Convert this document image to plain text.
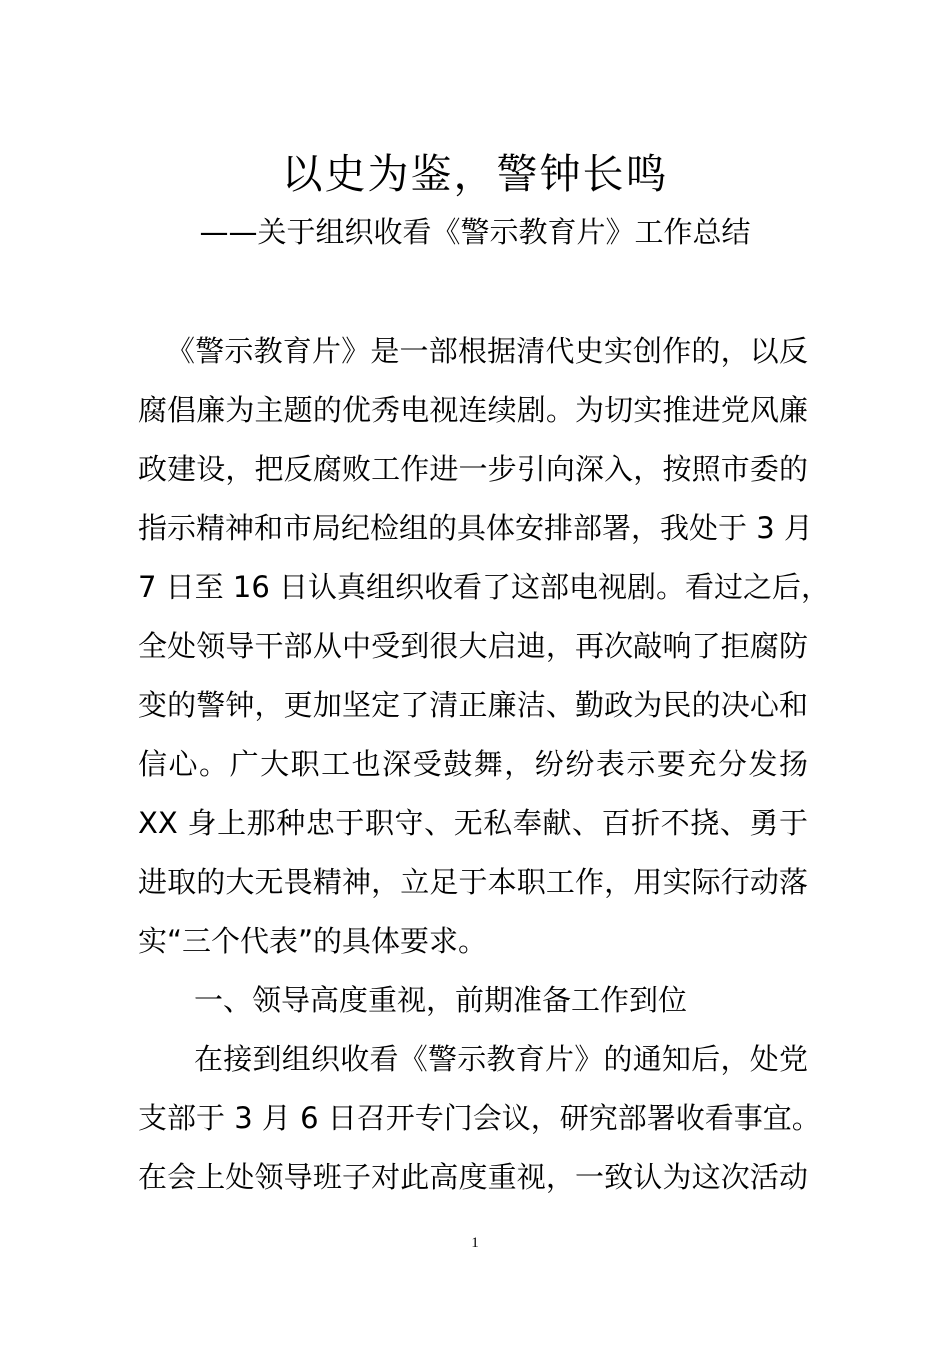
以史为鉴，警钟长鸣
——关于组织收看《警示教育片》工作总结
《警示教育片》是一部根据清代史实创作的，以反
腐倡廉为主题的优秀电视连续剧。为切实推进党风廉
政建设，把反腐败工作进一步引向深入，按照市委的
指示精神和市局纪检组的具体安排部署，我处于 3 月
7 日至 16 日认真组织收看了这部电视剧。看过之后，
全处领导干部从中受到很大启迪，再次敲响了拒腐防
变的警钟，更加坚定了清正廉洁、勤政为民的决心和
信心。广大职工也深受鼓舞，纷纷表示要充分发扬
XX 身上那种忠于职守、无私奉献、百折不挠、勇于
进取的大无畏精神，立足于本职工作，用实际行动落
实“三个代表”的具体要求。
一、领导高度重视，前期准备工作到位
在接到组织收看《警示教育片》的通知后，处党
支部于 3 月 6 日召开专门会议，研究部署收看事宜。
在会上处领导班子对此高度重视，一致认为这次活动
1
